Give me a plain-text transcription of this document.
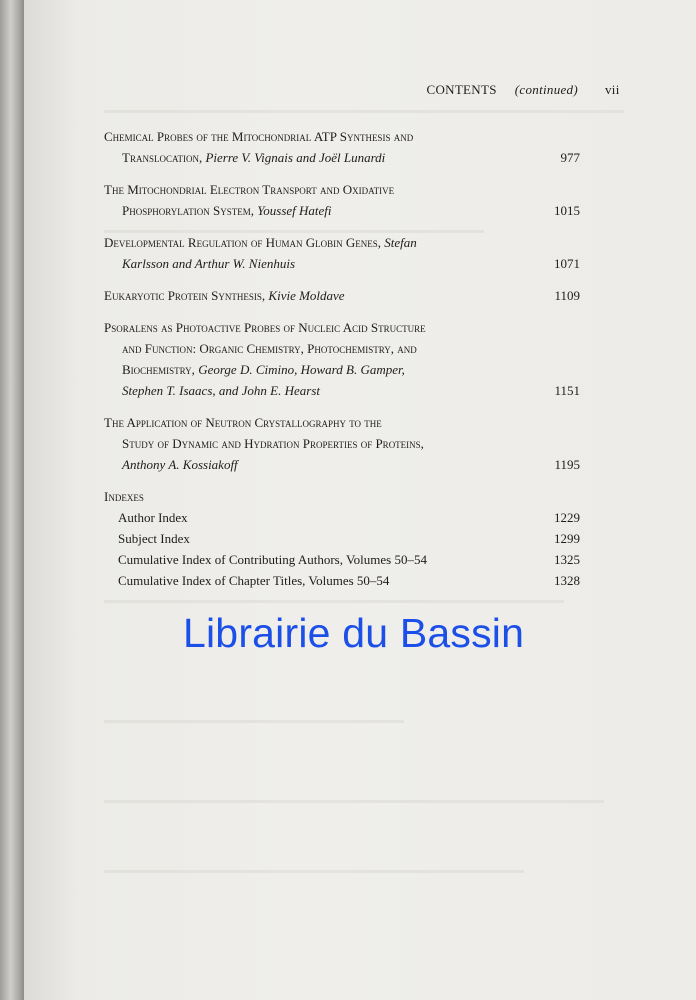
CONTENTS (continued) vii
Chemical Probes of the Mitochondrial ATP Synthesis and
Translocation, Pierre V. Vignais and Joël Lunardi	977
The Mitochondrial Electron Transport and Oxidative
Phosphorylation System, Youssef Hatefi	1015
Developmental Regulation of Human Globin Genes, Stefan
Karlsson and Arthur W. Nienhuis	1071
Eukaryotic Protein Synthesis, Kivie Moldave	1109
Psoralens as Photoactive Probes of Nucleic Acid Structure
and Function: Organic Chemistry, Photochemistry, and
Biochemistry, George D. Cimino, Howard B. Gamper,
Stephen T. Isaacs, and John E. Hearst	1151
The Application of Neutron Crystallography to the
Study of Dynamic and Hydration Properties of Proteins,
Anthony A. Kossiakoff	1195
Indexes
Author Index	1229
Subject Index	1299
Cumulative Index of Contributing Authors, Volumes 50–54	1325
Cumulative Index of Chapter Titles, Volumes 50–54	1328
Librairie du Bassin
